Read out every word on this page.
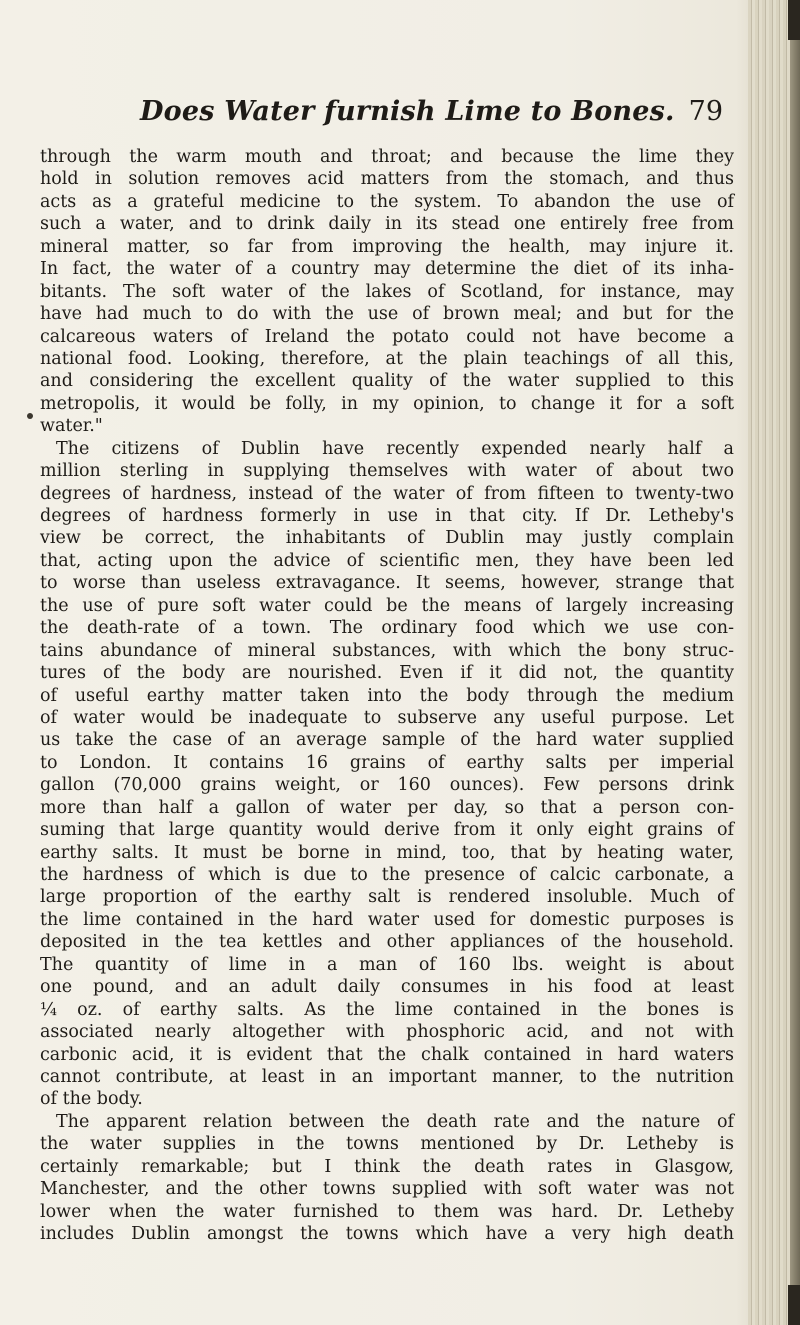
Does Water furnish Lime to Bones. 79
through the warm mouth and throat; and because the lime they
hold in solution removes acid matters from the stomach, and thus
acts as a grateful medicine to the system. To abandon the use of
such a water, and to drink daily in its stead one entirely free from
mineral matter, so far from improving the health, may injure it.
In fact, the water of a country may determine the diet of its inha-
bitants. The soft water of the lakes of Scotland, for instance, may
have had much to do with the use of brown meal; and but for the
calcareous waters of Ireland the potato could not have become a
national food. Looking, therefore, at the plain teachings of all this,
and considering the excellent quality of the water supplied to this
metropolis, it would be folly, in my opinion, to change it for a soft
water."
The citizens of Dublin have recently expended nearly half a
million sterling in supplying themselves with water of about two
degrees of hardness, instead of the water of from fifteen to twenty-two
degrees of hardness formerly in use in that city. If Dr. Letheby's
view be correct, the inhabitants of Dublin may justly complain
that, acting upon the advice of scientific men, they have been led
to worse than useless extravagance. It seems, however, strange that
the use of pure soft water could be the means of largely increasing
the death-rate of a town. The ordinary food which we use con-
tains abundance of mineral substances, with which the bony struc-
tures of the body are nourished. Even if it did not, the quantity
of useful earthy matter taken into the body through the medium
of water would be inadequate to subserve any useful purpose. Let
us take the case of an average sample of the hard water supplied
to London. It contains 16 grains of earthy salts per imperial
gallon (70,000 grains weight, or 160 ounces). Few persons drink
more than half a gallon of water per day, so that a person con-
suming that large quantity would derive from it only eight grains of
earthy salts. It must be borne in mind, too, that by heating water,
the hardness of which is due to the presence of calcic carbonate, a
large proportion of the earthy salt is rendered insoluble. Much of
the lime contained in the hard water used for domestic purposes is
deposited in the tea kettles and other appliances of the household.
The quantity of lime in a man of 160 lbs. weight is about
one pound, and an adult daily consumes in his food at least
¼ oz. of earthy salts. As the lime contained in the bones is
associated nearly altogether with phosphoric acid, and not with
carbonic acid, it is evident that the chalk contained in hard waters
cannot contribute, at least in an important manner, to the nutrition
of the body.
The apparent relation between the death rate and the nature of
the water supplies in the towns mentioned by Dr. Letheby is
certainly remarkable; but I think the death rates in Glasgow,
Manchester, and the other towns supplied with soft water was not
lower when the water furnished to them was hard. Dr. Letheby
includes Dublin amongst the towns which have a very high death
